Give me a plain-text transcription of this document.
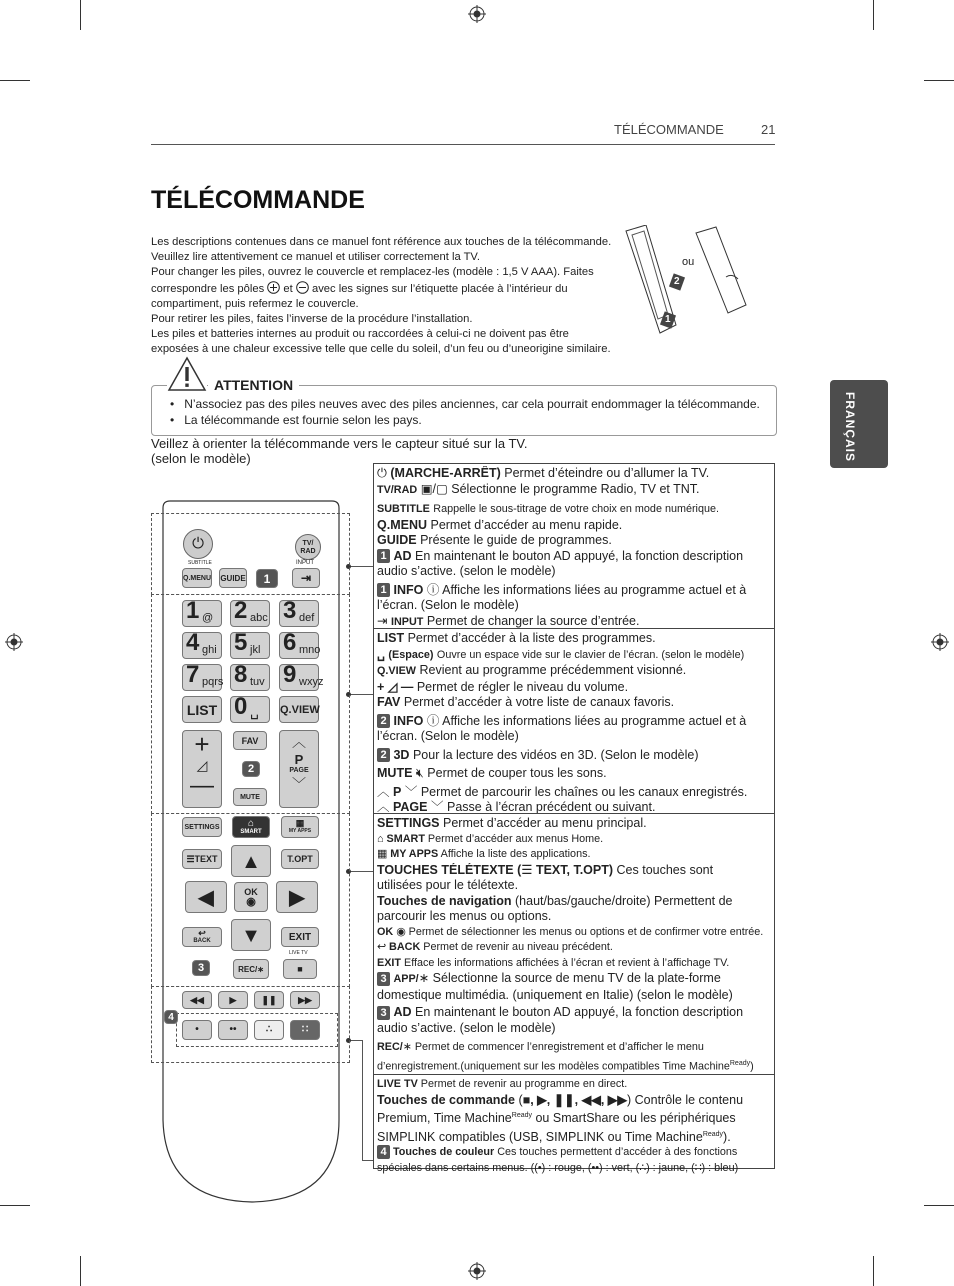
TÉLÉCOMMANDE	21
TÉLÉCOMMANDE

Les descriptions contenues dans ce manuel font référence aux touches de la télécommande.

Veuillez lire attentivement ce manuel et utiliser correctement la TV.

Pour changer les piles, ouvrez le couvercle et remplacez-les (modèle : 1,5 V AAA). Faites

correspondre les pôles et avec les signes sur l’étiquette placée à l’intérieur du

compartiment, puis refermez le couvercle.

Pour retirer les piles, faites l’inverse de la procédure l’installation.

Les piles et batteries internes au produit ou raccordées à celui-ci ne doivent pas être

exposées à une chaleur excessive telle que celle du soleil, d’un feu ou d’uneorigine similaire.

ou
2
1
FRANÇAIS
• N’associez pas des piles neuves avec des piles anciennes, car cela pourrait endommager la télécommande.
• La télécommande est fournie selon les pays.
ATTENTION
Veillez à orienter la télécommande vers le capteur situé sur la TV.
(selon le modèle)
⏻ (MARCHE-ARRÊT) Permet d’éteindre ou d’allumer la TV.
TV/RAD ▣/▢ Sélectionne le programme Radio, TV et TNT.
SUBTITLE Rappelle le sous-titrage de votre choix en mode numérique.
Q.MENU Permet d’accéder au menu rapide.
GUIDE Présente le guide de programmes.
1 AD En maintenant le bouton AD appuyé, la fonction description
audio s’active. (selon le modèle)
1 INFO ⓘ Affiche les informations liées au programme actuel et à
l’écran. (Selon le modèle)
⇥ INPUT Permet de changer la source d’entrée.
LIST Permet d’accéder à la liste des programmes.
␣ (Espace) Ouvre un espace vide sur le clavier de l’écran. (selon le modèle)
Q.VIEW Revient au programme précédemment visionné.
+ ◿ — Permet de régler le niveau du volume.
FAV Permet d’accéder à votre liste de canaux favoris.
2 INFO ⓘ Affiche les informations liées au programme actuel et à
l’écran. (Selon le modèle)
2 3D Pour la lecture des vidéos en 3D. (Selon le modèle)
MUTE 🔇︎ Permet de couper tous les sons.
︿ P ﹀ Permet de parcourir les chaînes ou les canaux enregistrés.
︿ PAGE ﹀ Passe à l’écran précédent ou suivant.
SETTINGS Permet d’accéder au menu principal.
⌂ SMART Permet d’accéder aux menus Home.
▦ MY APPS Affiche la liste des applications.
TOUCHES TÉLÉTEXTE (☰ TEXT, T.OPT) Ces touches sont
utilisées pour le télétexte.
Touches de navigation (haut/bas/gauche/droite) Permettent de
parcourir les menus ou options.
OK ◉ Permet de sélectionner les menus ou options et de confirmer votre entrée.
↩ BACK Permet de revenir au niveau précédent.
EXIT Efface les informations affichées à l’écran et revient à l’affichage TV.
3 APP/∗ Sélectionne la source de menu TV de la plate-forme
domestique multimédia. (uniquement en Italie) (selon le modèle)
3 AD En maintenant le bouton AD appuyé, la fonction description
audio s’active. (selon le modèle)
REC/∗ Permet de commencer l’enregistrement et d’afficher le menu
d’enregistrement.(uniquement sur les modèles compatibles Time Machine$^{Ready}$)
LIVE TV Permet de revenir au programme en direct.
Touches de commande (■, ▶, ❚❚, ◀◀, ▶▶) Contrôle le contenu
Premium, Time Machine$^{Ready}$ ou SmartShare ou les périphériques
SIMPLINK compatibles (USB, SIMPLINK ou Time Machine$^{Ready}$).
4 Touches de couleur Ces touches permettent d’accéder à des fonctions
spéciales dans certains menus. ((•) : rouge, (••) : vert, (∴) : jaune, (∷) : bleu)
⏻	TV/ RAD
SUBTITLE	INPUT
Q.MENU GUIDE	1	⇥
1 @ 2 abc 3 def
4 ghi 5 jkl 6 mno
7 pqrs 8 tuv 9 wxyz
LIST 0 ␣ Q.VIEW
+
◿
—
FAV
2
MUTE
︿
P
PAGE
﹀
SETTINGS	⌂
SMART
▦
MY APPS
☰TEXT	T.OPT
▲
▼
◀	▶
OK
◉
↩
BACK	EXIT
3	REC/∗
LIVE TV
■
◀◀	▶	❚❚	▶▶
•	••	∴	∷
4
